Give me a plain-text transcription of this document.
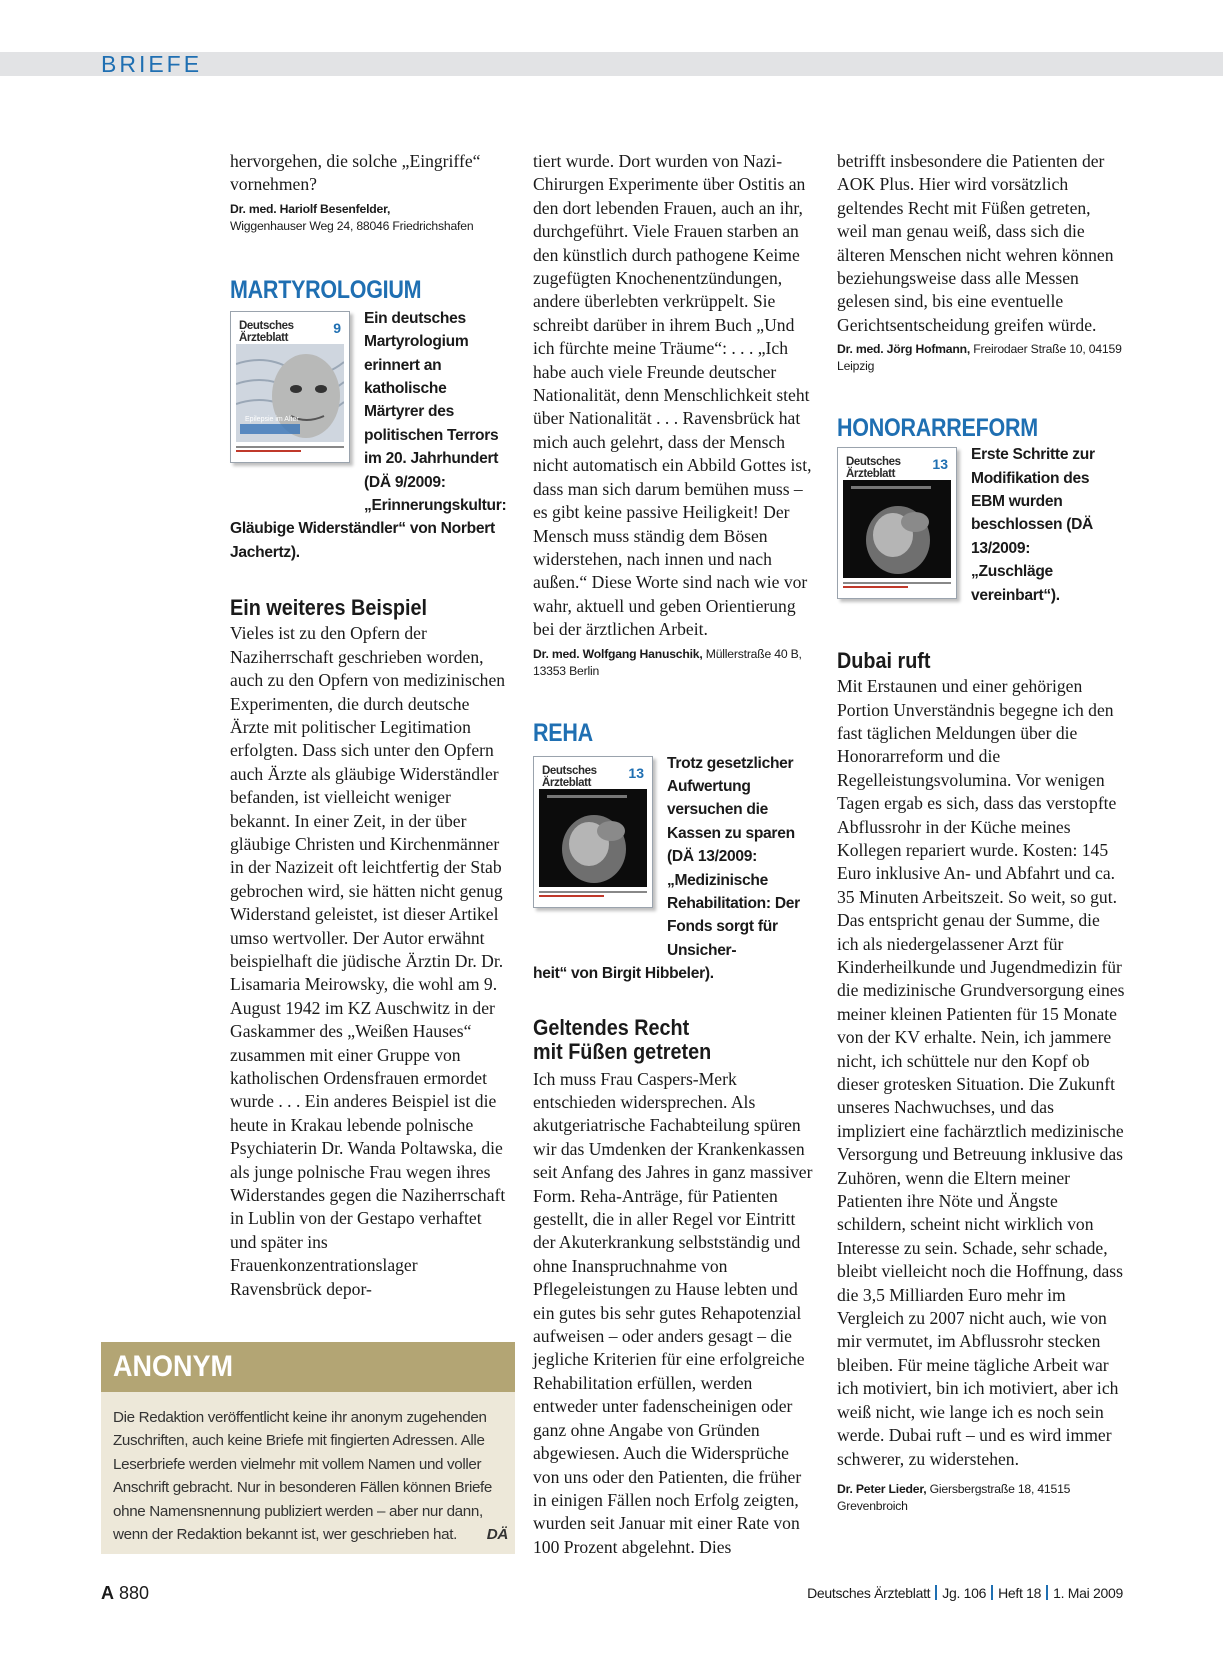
BRIEFE

hervorgehen, die solche „Eingriffe“ vornehmen?

Dr. med. Hariolf Besenfelder,
Wiggenhauser Weg 24, 88046 Friedrichshafen

MARTYROLOGIUM
Deutsches
Ärzteblatt
9
Epilepsie im Alter

Ein deutsches Martyrologium erinnert an katholische Märtyrer des politischen Terrors im 20. Jahrhundert (DÄ 9/2009: „Erinnerungskultur:

Gläubige Widerständler“ von Norbert Jachertz).

Ein weiteres Beispiel

Vieles ist zu den Opfern der Naziherrschaft geschrieben worden, auch zu den Opfern von medizinischen Experimenten, die durch deutsche Ärzte mit politischer Legitimation erfolgten. Dass sich unter den Opfern auch Ärzte als gläubige Widerständler befanden, ist vielleicht weniger bekannt. In einer Zeit, in der über gläubige Christen und Kirchenmänner in der Nazizeit oft leichtfertig der Stab gebrochen wird, sie hätten nicht genug Widerstand geleistet, ist dieser Artikel umso wertvoller. Der Autor erwähnt beispielhaft die jüdische Ärztin Dr. Dr. Lisamaria Meirowsky, die wohl am 9. August 1942 im KZ Auschwitz in der Gaskammer des „Weißen Hauses“ zusammen mit einer Gruppe von katholischen Ordensfrauen ermordet wurde . . . Ein anderes Beispiel ist die heute in Krakau lebende polnische Psychiaterin Dr. Wanda Poltawska, die als junge polnische Frau wegen ihres Widerstandes gegen die Naziherrschaft in Lublin von der Gestapo verhaftet und später ins Frauenkonzentrationslager Ravensbrück depor-

tiert wurde. Dort wurden von Nazi-Chirurgen Experimente über Ostitis an den dort lebenden Frauen, auch an ihr, durchgeführt. Viele Frauen starben an den künstlich durch pathogene Keime zugefügten Knochenentzündungen, andere überlebten verkrüppelt. Sie schreibt darüber in ihrem Buch „Und ich fürchte meine Träume“: . . . „Ich habe auch viele Freunde deutscher Nationalität, denn Menschlichkeit steht über Nationalität . . . Ravensbrück hat mich auch gelehrt, dass der Mensch nicht automatisch ein Abbild Gottes ist, dass man sich darum bemühen muss – es gibt keine passive Heiligkeit! Der Mensch muss ständig dem Bösen widerstehen, nach innen und nach außen.“ Diese Worte sind nach wie vor wahr, aktuell und geben Orientierung bei der ärztlichen Arbeit.

Dr. med. Wolfgang Hanuschik, Müllerstraße 40 B, 13353 Berlin

REHA
Deutsches
Ärzteblatt
13

Trotz gesetzlicher Aufwertung versuchen die Kassen zu sparen (DÄ 13/2009: „Medizinische Rehabilitation: Der Fonds sorgt für Unsicher-

heit“ von Birgit Hibbeler).

Geltendes Recht
mit Füßen getreten

Ich muss Frau Caspers-Merk entschieden widersprechen. Als akutgeriatrische Fachabteilung spüren wir das Umdenken der Krankenkassen seit Anfang des Jahres in ganz massiver Form. Reha-Anträge, für Patienten gestellt, die in aller Regel vor Eintritt der Akuterkrankung selbstständig und ohne Inanspruchnahme von Pflegeleistungen zu Hause lebten und ein gutes bis sehr gutes Rehapotenzial aufweisen – oder anders gesagt – die jegliche Kriterien für eine erfolgreiche Rehabilitation erfüllen, werden entweder unter fadenscheinigen oder ganz ohne Angabe von Gründen abgewiesen. Auch die Widersprüche von uns oder den Patienten, die früher in einigen Fällen noch Erfolg zeigten, wurden seit Januar mit einer Rate von 100 Prozent abgelehnt. Dies

betrifft insbesondere die Patienten der AOK Plus. Hier wird vorsätzlich geltendes Recht mit Füßen getreten, weil man genau weiß, dass sich die älteren Menschen nicht wehren können beziehungsweise dass alle Messen gelesen sind, bis eine eventuelle Gerichtsentscheidung greifen würde.

Dr. med. Jörg Hofmann, Freirodaer Straße 10, 04159 Leipzig

HONORARREFORM
Deutsches
Ärzteblatt
13

Erste Schritte zur Modifikation des EBM wurden beschlossen (DÄ 13/2009: „Zuschläge vereinbart“).

Dubai ruft

Mit Erstaunen und einer gehörigen Portion Unverständnis begegne ich den fast täglichen Meldungen über die Honorarreform und die Regelleistungsvolumina. Vor wenigen Tagen ergab es sich, dass das verstopfte Abflussrohr in der Küche meines Kollegen repariert wurde. Kosten: 145 Euro inklusive An- und Abfahrt und ca. 35 Minuten Arbeitszeit. So weit, so gut. Das entspricht genau der Summe, die ich als niedergelassener Arzt für Kinderheilkunde und Jugendmedizin für die medizinische Grundversorgung eines meiner kleinen Patienten für 15 Monate von der KV erhalte. Nein, ich jammere nicht, ich schüttele nur den Kopf ob dieser grotesken Situation. Die Zukunft unseres Nachwuchses, und das impliziert eine fachärztlich medizinische Versorgung und Betreuung inklusive das Zuhören, wenn die Eltern meiner Patienten ihre Nöte und Ängste schildern, scheint nicht wirklich von Interesse zu sein. Schade, sehr schade, bleibt vielleicht noch die Hoffnung, dass die 3,5 Milliarden Euro mehr im Vergleich zu 2007 nicht auch, wie von mir vermutet, im Abflussrohr stecken bleiben. Für meine tägliche Arbeit war ich motiviert, bin ich motiviert, aber ich weiß nicht, wie lange ich es noch sein werde. Dubai ruft – und es wird immer schwerer, zu widerstehen.

Dr. Peter Lieder, Giersbergstraße 18, 41515 Grevenbroich

ANONYM

Die Redaktion veröffentlicht keine ihr anonym zugehenden Zuschriften, auch keine Briefe mit fingierten Adressen. Alle Leserbriefe werden vielmehr mit vollem Namen und voller Anschrift gebracht. Nur in besonderen Fällen können Briefe ohne Namensnennung publiziert werden – aber nur dann, wenn der Redaktion bekannt ist, wer geschrieben hat. DÄ

A 880	Deutsches Ärzteblatt Jg. 106 Heft 18 1. Mai 2009
